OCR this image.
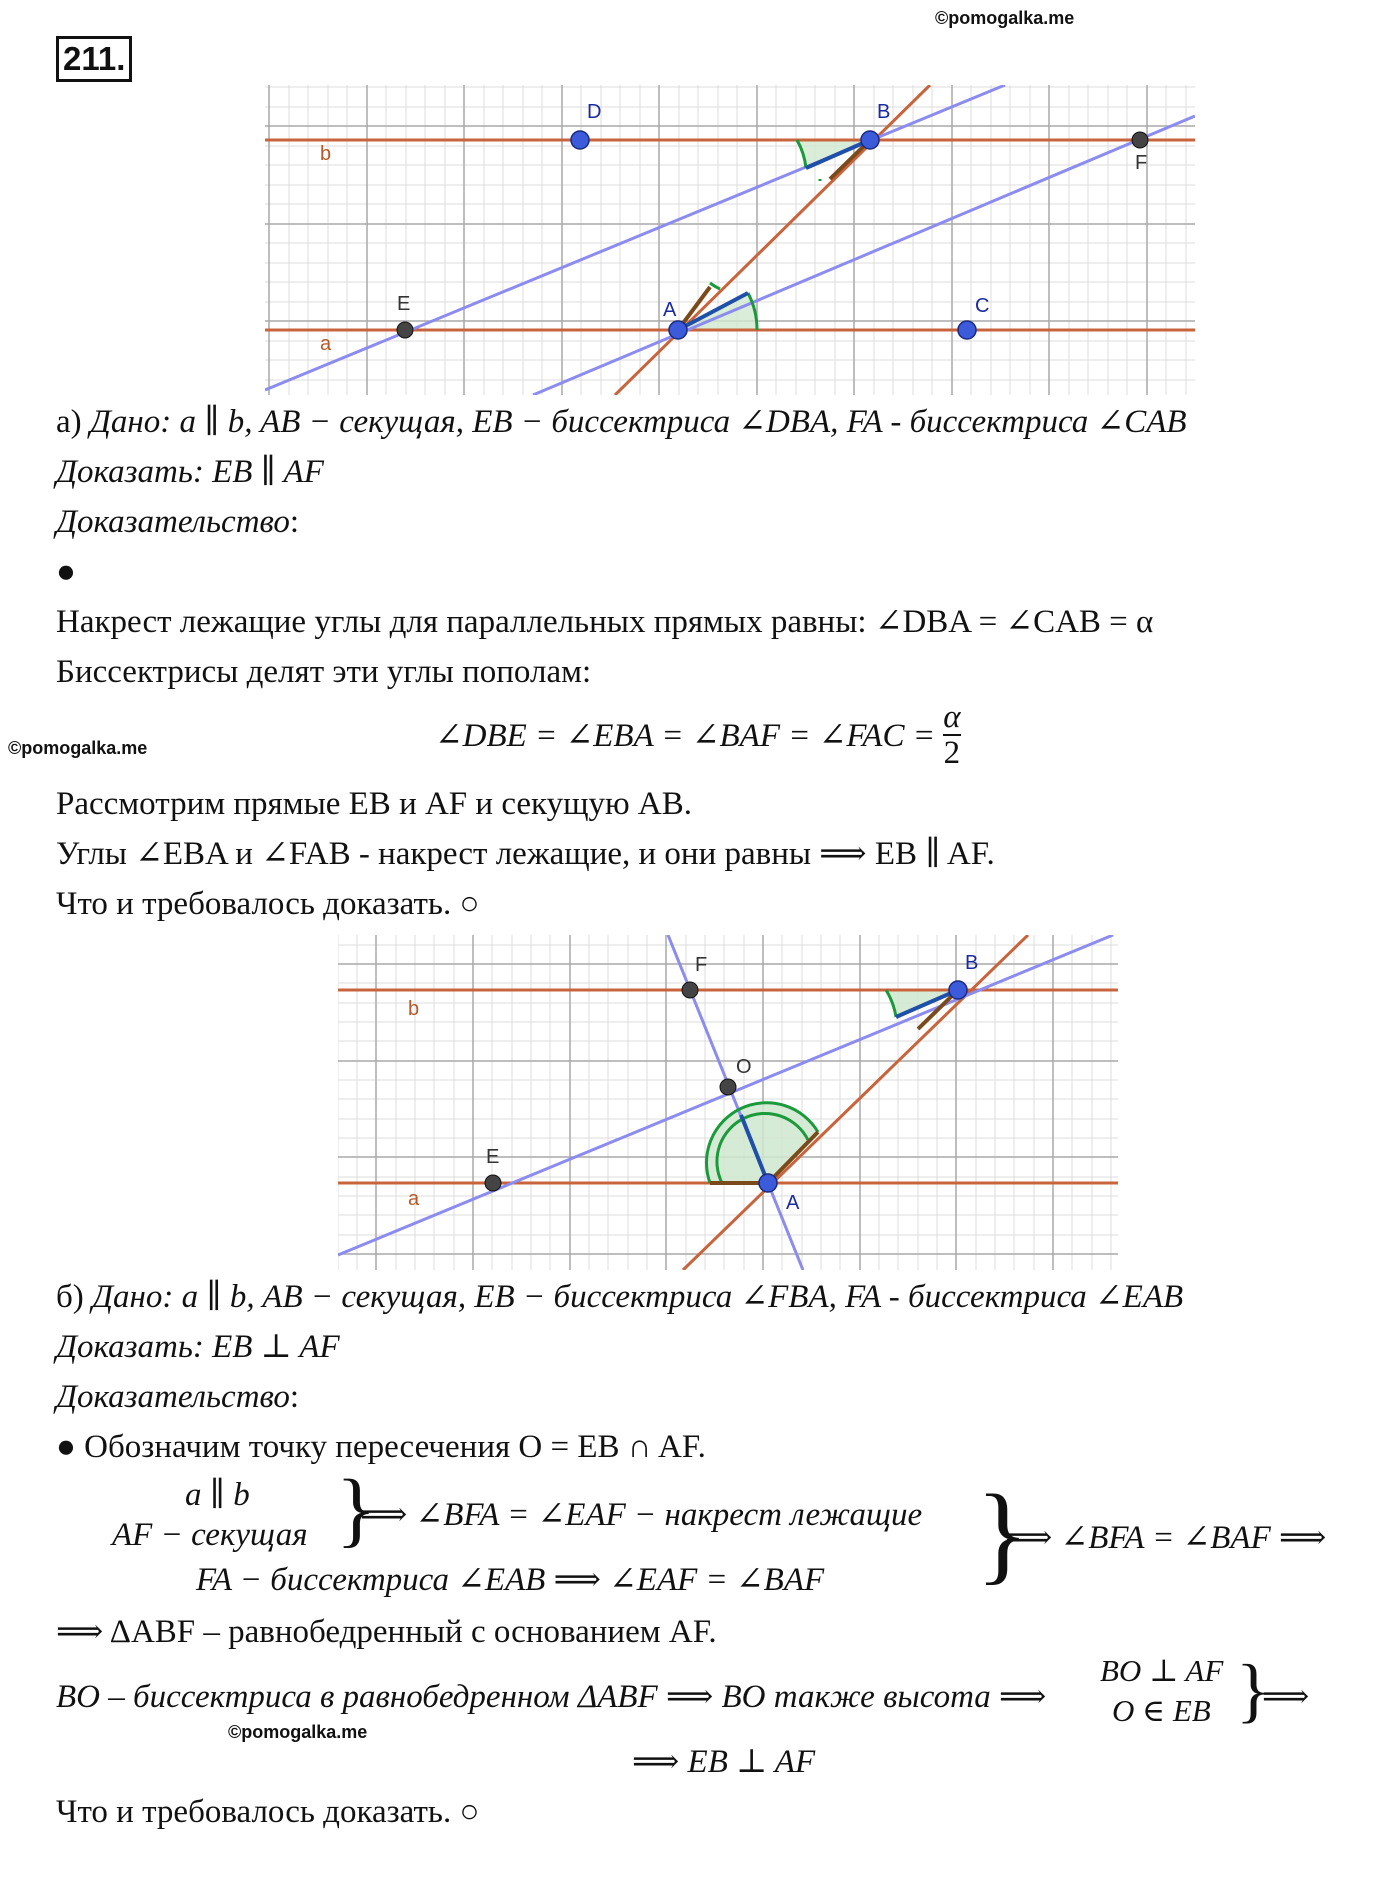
211.
©pomogalka.me
D	B
F
b
E	A	C
a
а) Дано: a ∥ b, AB − секущая, EB − биссектриса ∠DBA, FA - биссектриса ∠CAB
Доказать: EB ∥ AF
Доказательство:
●
Накрест лежащие углы для параллельных прямых равны: ∠DBA = ∠CAB = α
Биссектрисы делят эти углы пополам:
©pomogalka.me	∠DBE = ∠EBA = ∠BAF = ∠FAC = $\frac{\alpha}{2}$
Рассмотрим прямые EB и AF и секущую AB.
Углы ∠EBA и ∠FAB - накрест лежащие, и они равны ⟹ EB ∥ AF.
Что и требовалось доказать. ○
F	B
b
O
E
a	A
б) Дано: a ∥ b, AB − секущая, EB − биссектриса ∠FBA, FA - биссектриса ∠EAB
Доказать: EB ⊥ AF
Доказательство:
● Обозначим точку пересечения O = EB ∩ AF.
a ∥ b
AF − секущая }
⟹ ∠BFA = ∠EAF − накрест лежащие
FA − биссектриса ∠EAB ⟹ ∠EAF = ∠BAF }
⟹ ∠BFA = ∠BAF ⟹
⟹ ΔABF – равнобедренный с основанием AF.
BO – биссектриса в равнобедренном ΔABF ⟹ BO также высота ⟹
BO ⊥ AF
O ∈ EB }
⟹
©pomogalka.me
⟹ EB ⊥ AF
Что и требовалось доказать. ○
